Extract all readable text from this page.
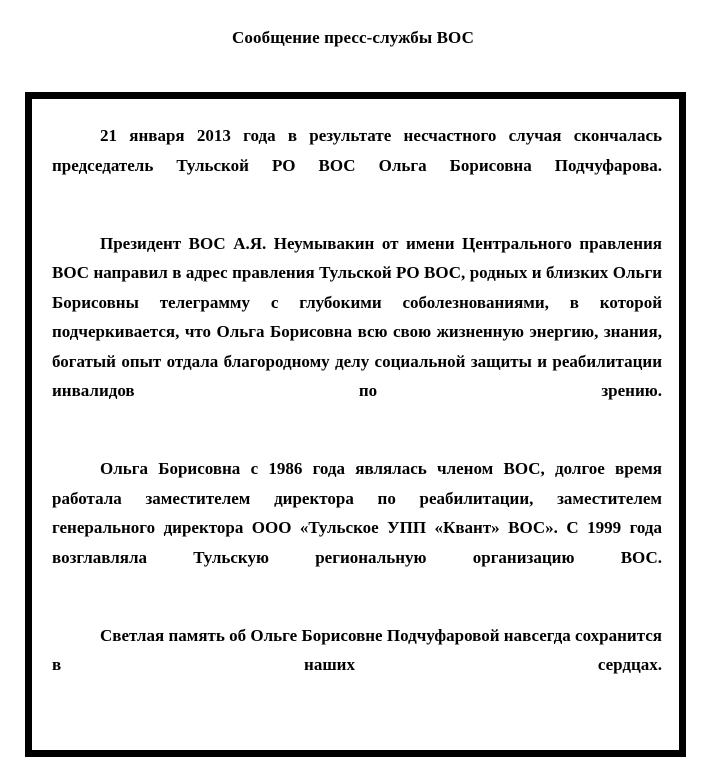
Сообщение пресс-службы ВОС

21 января 2013 года в результате несчастного случая скончалась председатель Тульской РО ВОС Ольга Борисовна Подчуфарова.

Президент ВОС А.Я. Неумывакин от имени Центрального правления ВОС направил в адрес правления Тульской РО ВОС, родных и близких Ольги Борисовны телеграмму с глубокими соболезнованиями, в которой  подчеркивается, что Ольга Борисовна всю свою жизненную энергию, знания, богатый опыт отдала благородному делу социальной защиты и реабилитации инвалидов по зрению.

Ольга Борисовна с 1986 года являлась членом ВОС, долгое время работала заместителем директора по реабилитации, заместителем генерального директора ООО «Тульское УПП «Квант» ВОС». С 1999 года возглавляла Тульскую региональную организацию ВОС.

Светлая память об Ольге Борисовне Подчуфаровой навсегда сохранится в наших сердцах.
